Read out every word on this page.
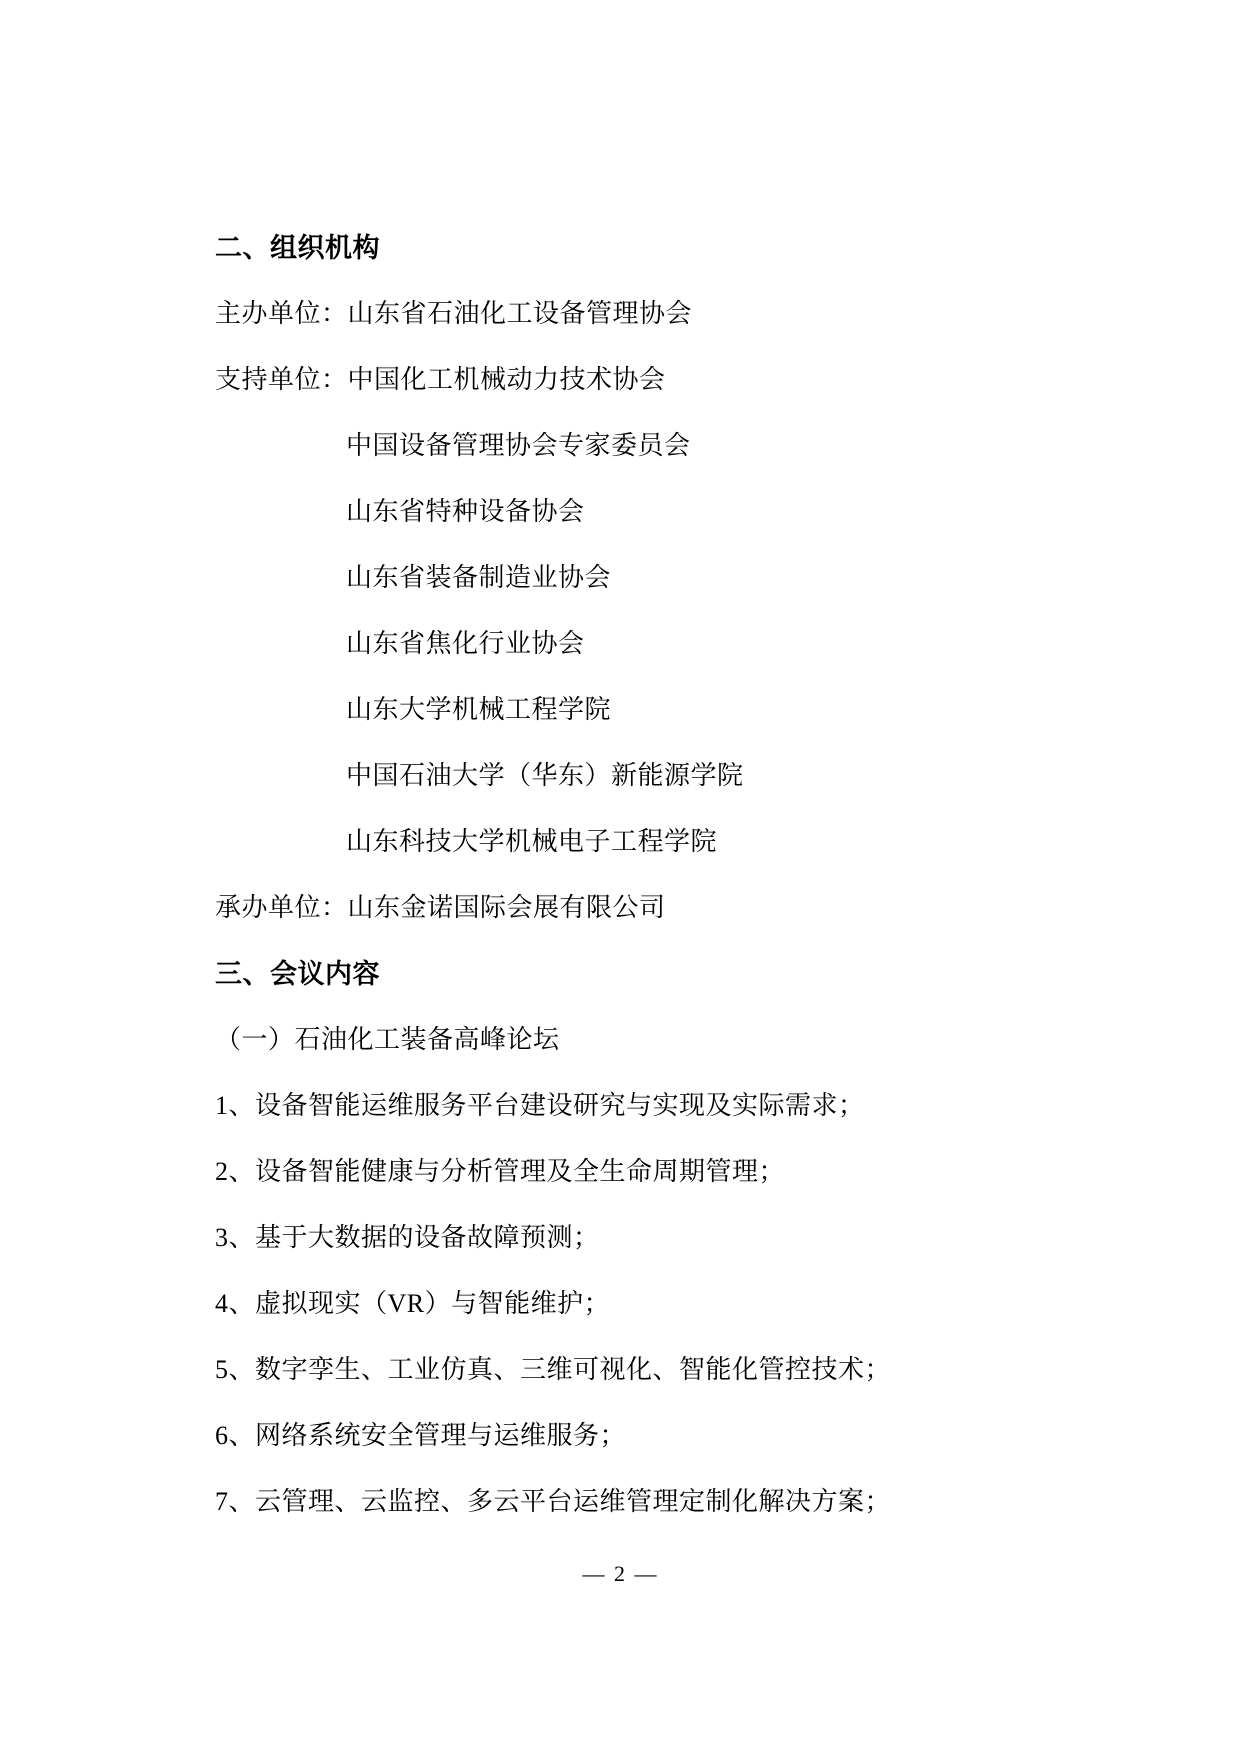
二、组织机构

主办单位：山东省石油化工设备管理协会

支持单位：中国化工机械动力技术协会

中国设备管理协会专家委员会

山东省特种设备协会

山东省装备制造业协会

山东省焦化行业协会

山东大学机械工程学院

中国石油大学（华东）新能源学院

山东科技大学机械电子工程学院

承办单位：山东金诺国际会展有限公司

三、会议内容

（一）石油化工装备高峰论坛

1、设备智能运维服务平台建设研究与实现及实际需求；

2、设备智能健康与分析管理及全生命周期管理；

3、基于大数据的设备故障预测；

4、虚拟现实（VR）与智能维护；

5、数字孪生、工业仿真、三维可视化、智能化管控技术；

6、网络系统安全管理与运维服务；

7、云管理、云监控、多云平台运维管理定制化解决方案；

— 2 —
